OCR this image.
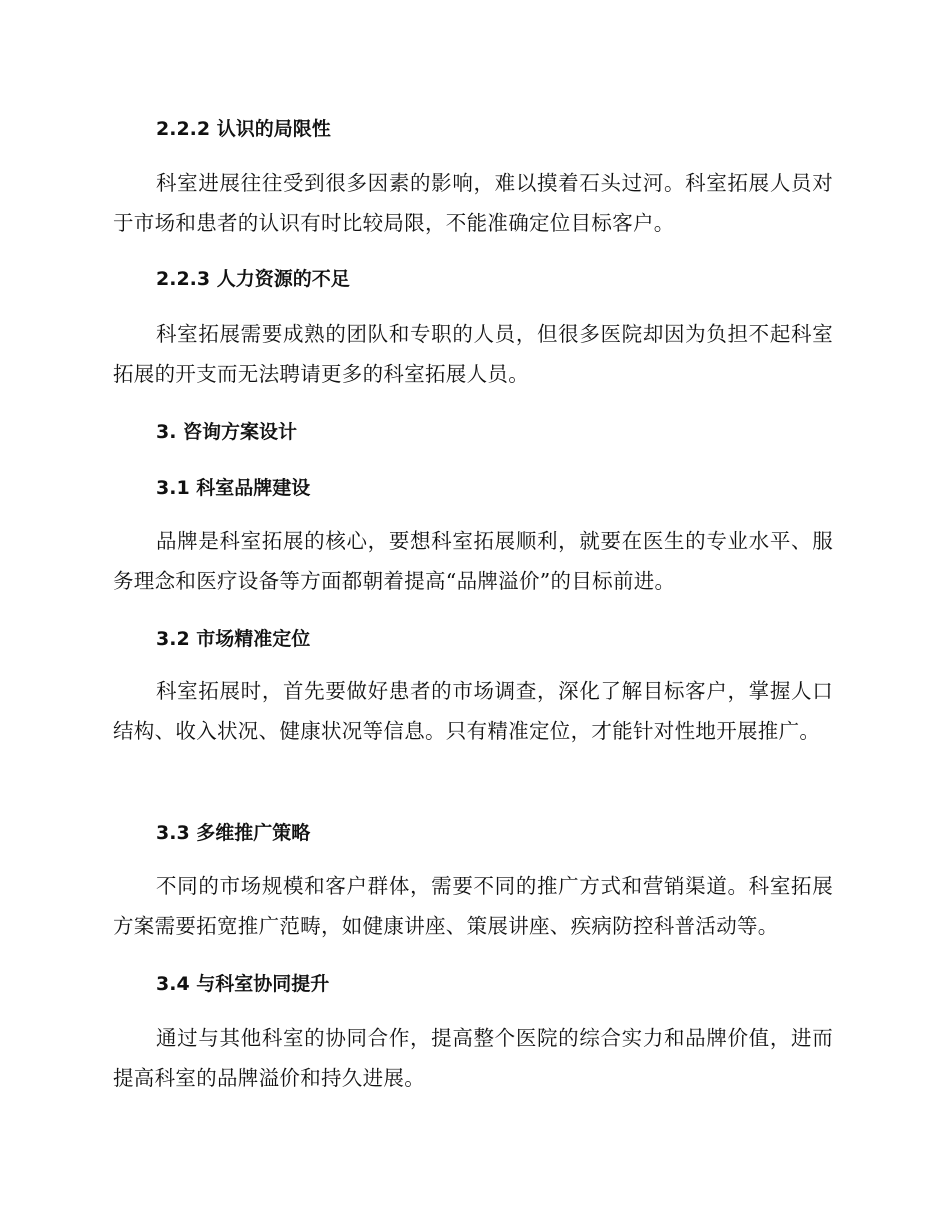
2.2.2 认识的局限性

科室进展往往受到很多因素的影响，难以摸着石头过河。科室拓展人员对于市场和患者的认识有时比较局限，不能准确定位目标客户。

2.2.3 人力资源的不足

科室拓展需要成熟的团队和专职的人员，但很多医院却因为负担不起科室拓展的开支而无法聘请更多的科室拓展人员。

3. 咨询方案设计
3.1 科室品牌建设

品牌是科室拓展的核心，要想科室拓展顺利，就要在医生的专业水平、服务理念和医疗设备等方面都朝着提高“品牌溢价”的目标前进。

3.2 市场精准定位

科室拓展时，首先要做好患者的市场调查，深化了解目标客户，掌握人口结构、收入状况、健康状况等信息。只有精准定位，才能针对性地开展推广。

3.3 多维推广策略

不同的市场规模和客户群体，需要不同的推广方式和营销渠道。科室拓展方案需要拓宽推广范畴，如健康讲座、策展讲座、疾病防控科普活动等。

3.4 与科室协同提升

通过与其他科室的协同合作，提高整个医院的综合实力和品牌价值，进而提高科室的品牌溢价和持久进展。
